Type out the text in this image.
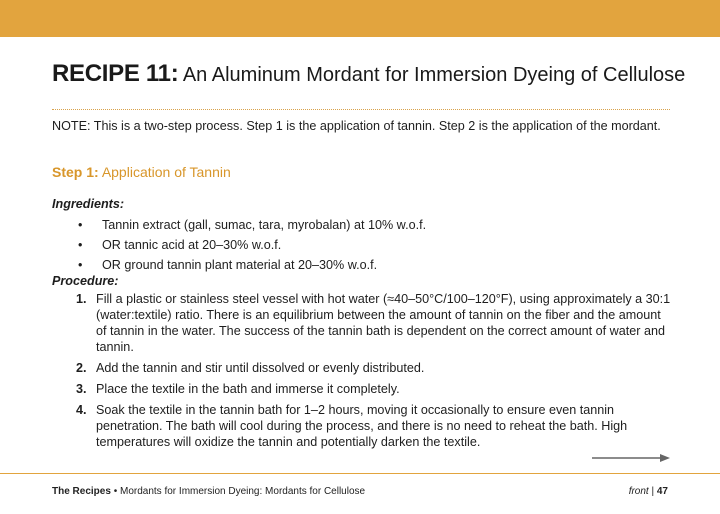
RECIPE 11: An Aluminum Mordant for Immersion Dyeing of Cellulose

NOTE: This is a two-step process. Step 1 is the application of tannin. Step 2 is the application of the mordant.

Step 1: Application of Tannin

Ingredients:

• Tannin extract (gall, sumac, tara, myrobalan) at 10% w.o.f.
• OR tannic acid at 20–30% w.o.f.
• OR ground tannin plant material at 20–30% w.o.f.

Procedure:

1. Fill a plastic or stainless steel vessel with hot water (≈40–50°C/100–120°F), using approximately a 30:1 (water:textile) ratio. There is an equilibrium between the amount of tannin on the fiber and the amount of tannin in the water. The success of the tannin bath is dependent on the correct amount of water and tannin.
2. Add the tannin and stir until dissolved or evenly distributed.
3. Place the textile in the bath and immerse it completely.
4. Soak the textile in the tannin bath for 1–2 hours, moving it occasionally to ensure even tannin penetration. The bath will cool during the process, and there is no need to reheat the bath. High temperatures will oxidize the tannin and potentially darken the textile.

The Recipes • Mordants for Immersion Dyeing: Mordants for Cellulose	front | 47
